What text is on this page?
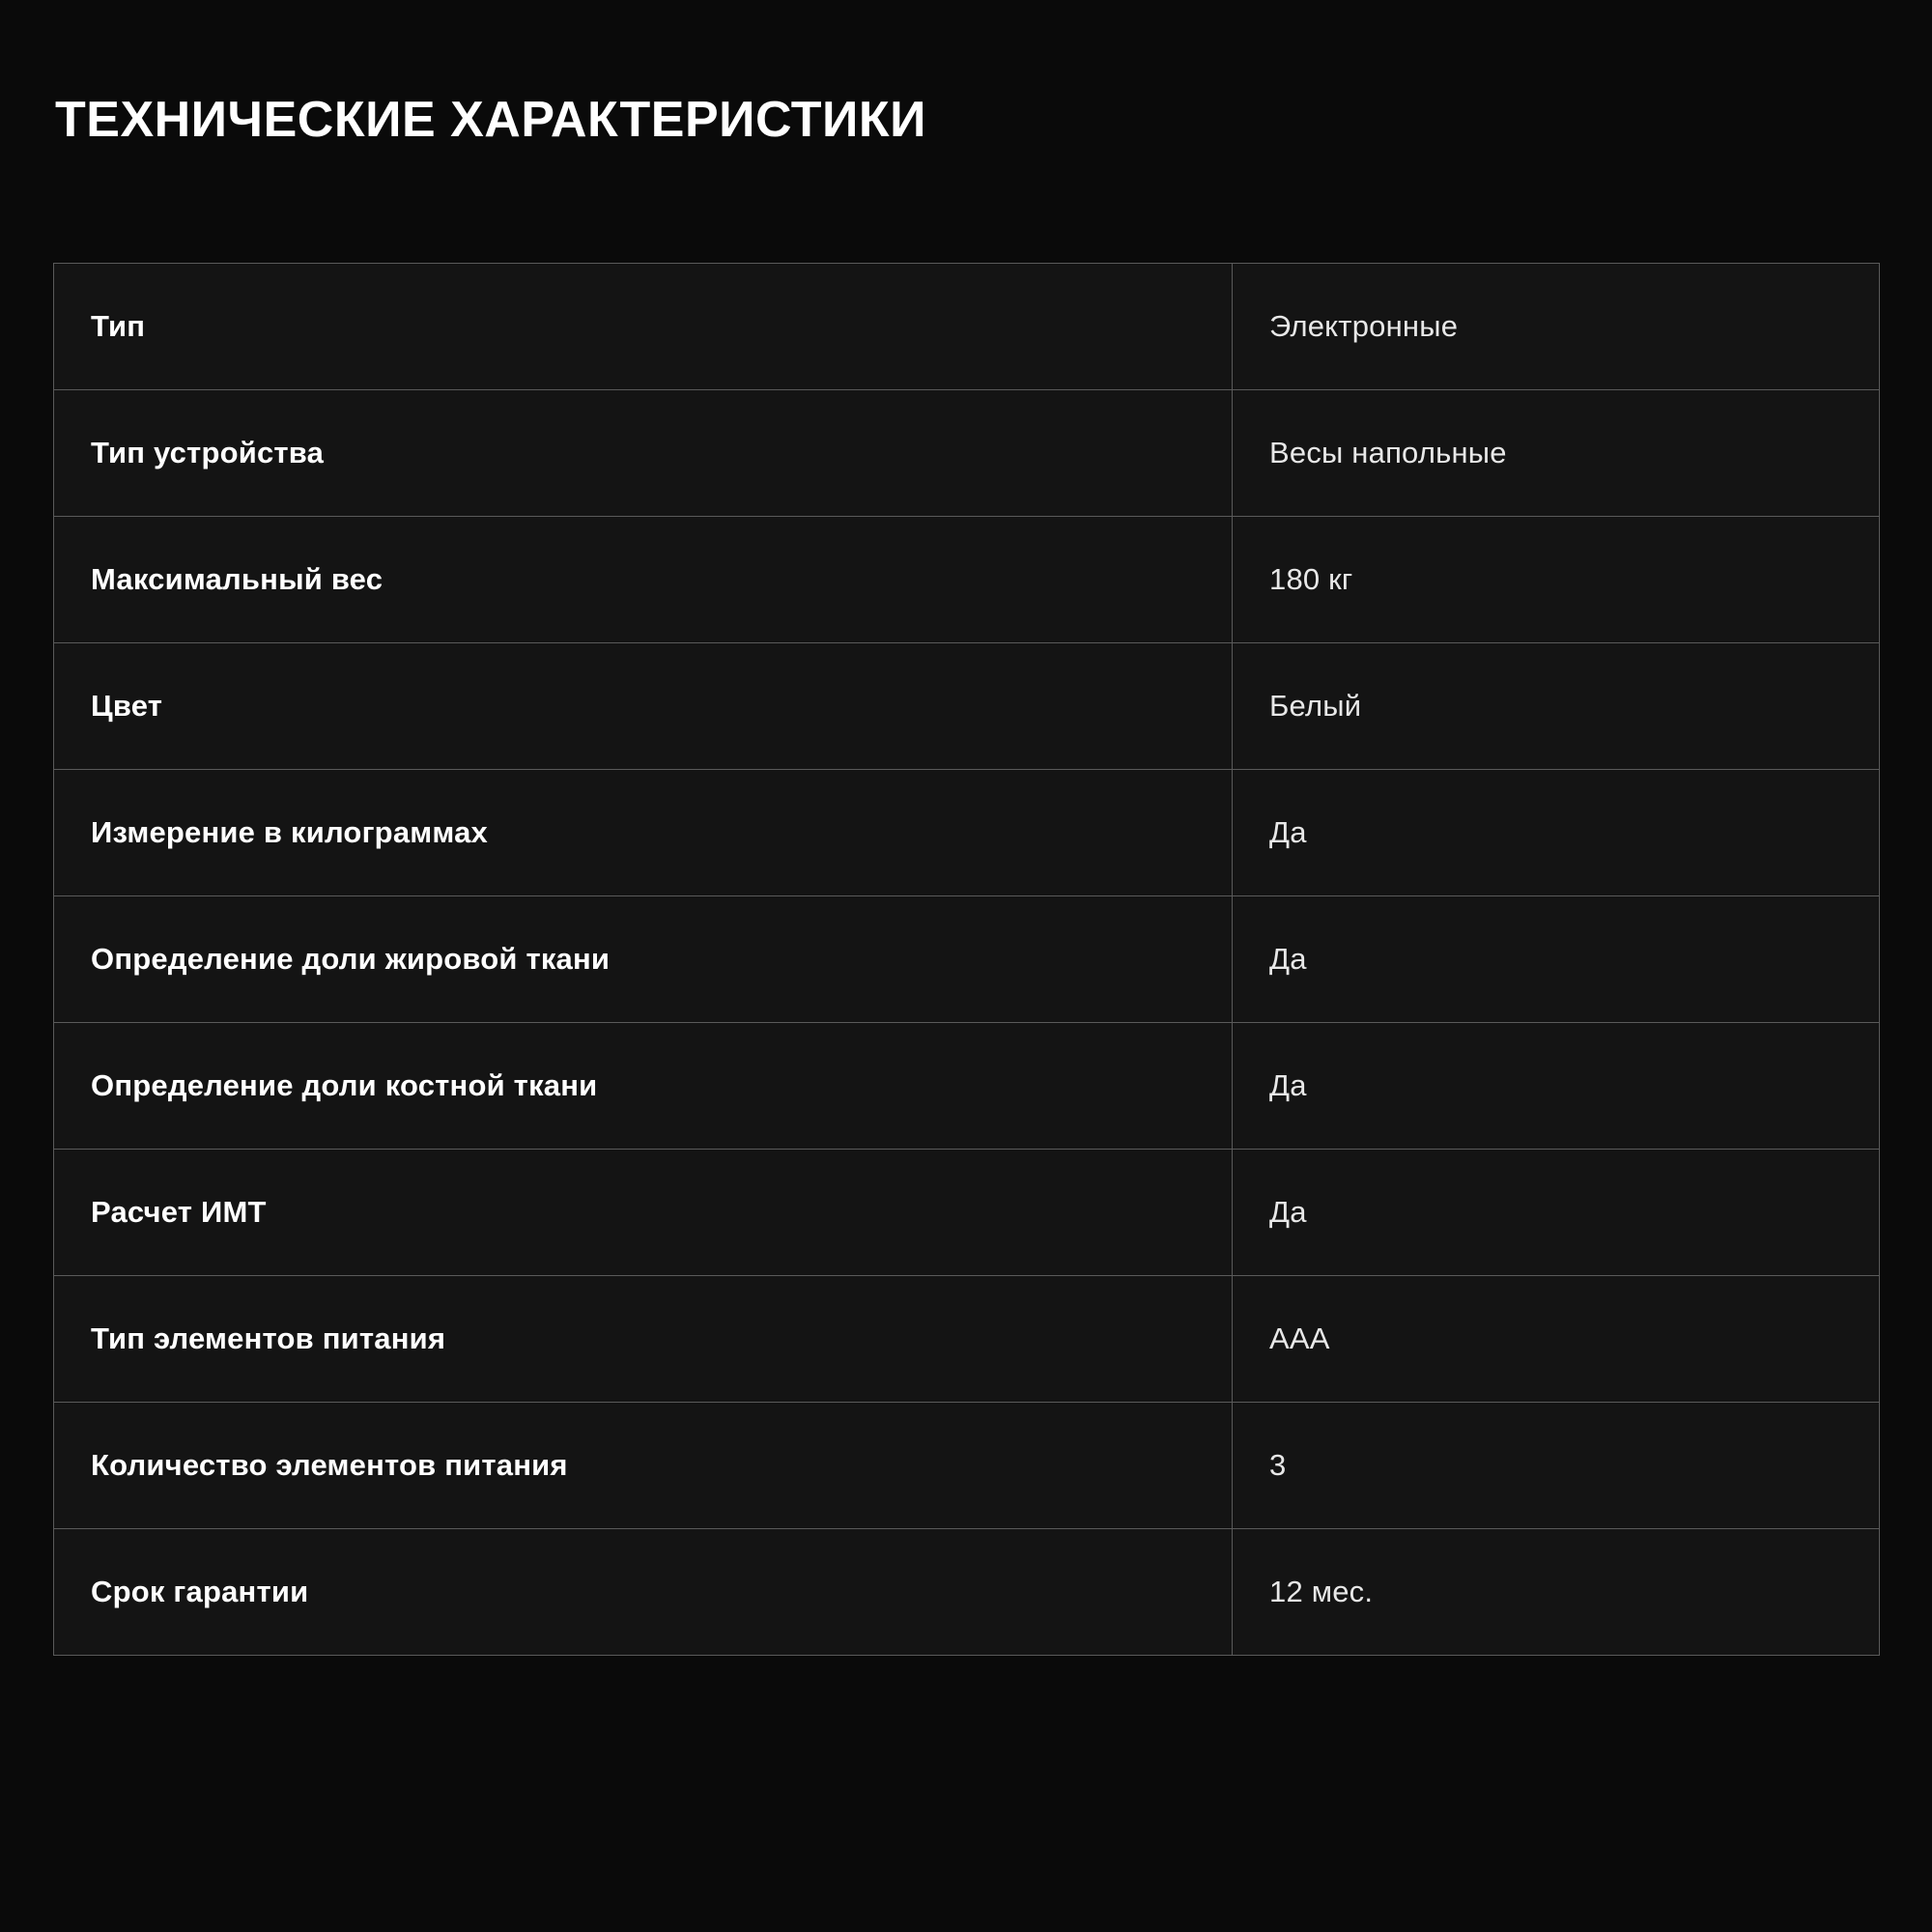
ТЕХНИЧЕСКИЕ ХАРАКТЕРИСТИКИ
Тип	Электронные
Тип устройства	Весы напольные
Максимальный вес	180 кг
Цвет	Белый
Измерение в килограммах	Да
Определение доли жировой ткани	Да
Определение доли костной ткани	Да
Расчет ИМТ	Да
Тип элементов питания	AAA
Количество элементов питания	3
Срок гарантии	12 мес.
